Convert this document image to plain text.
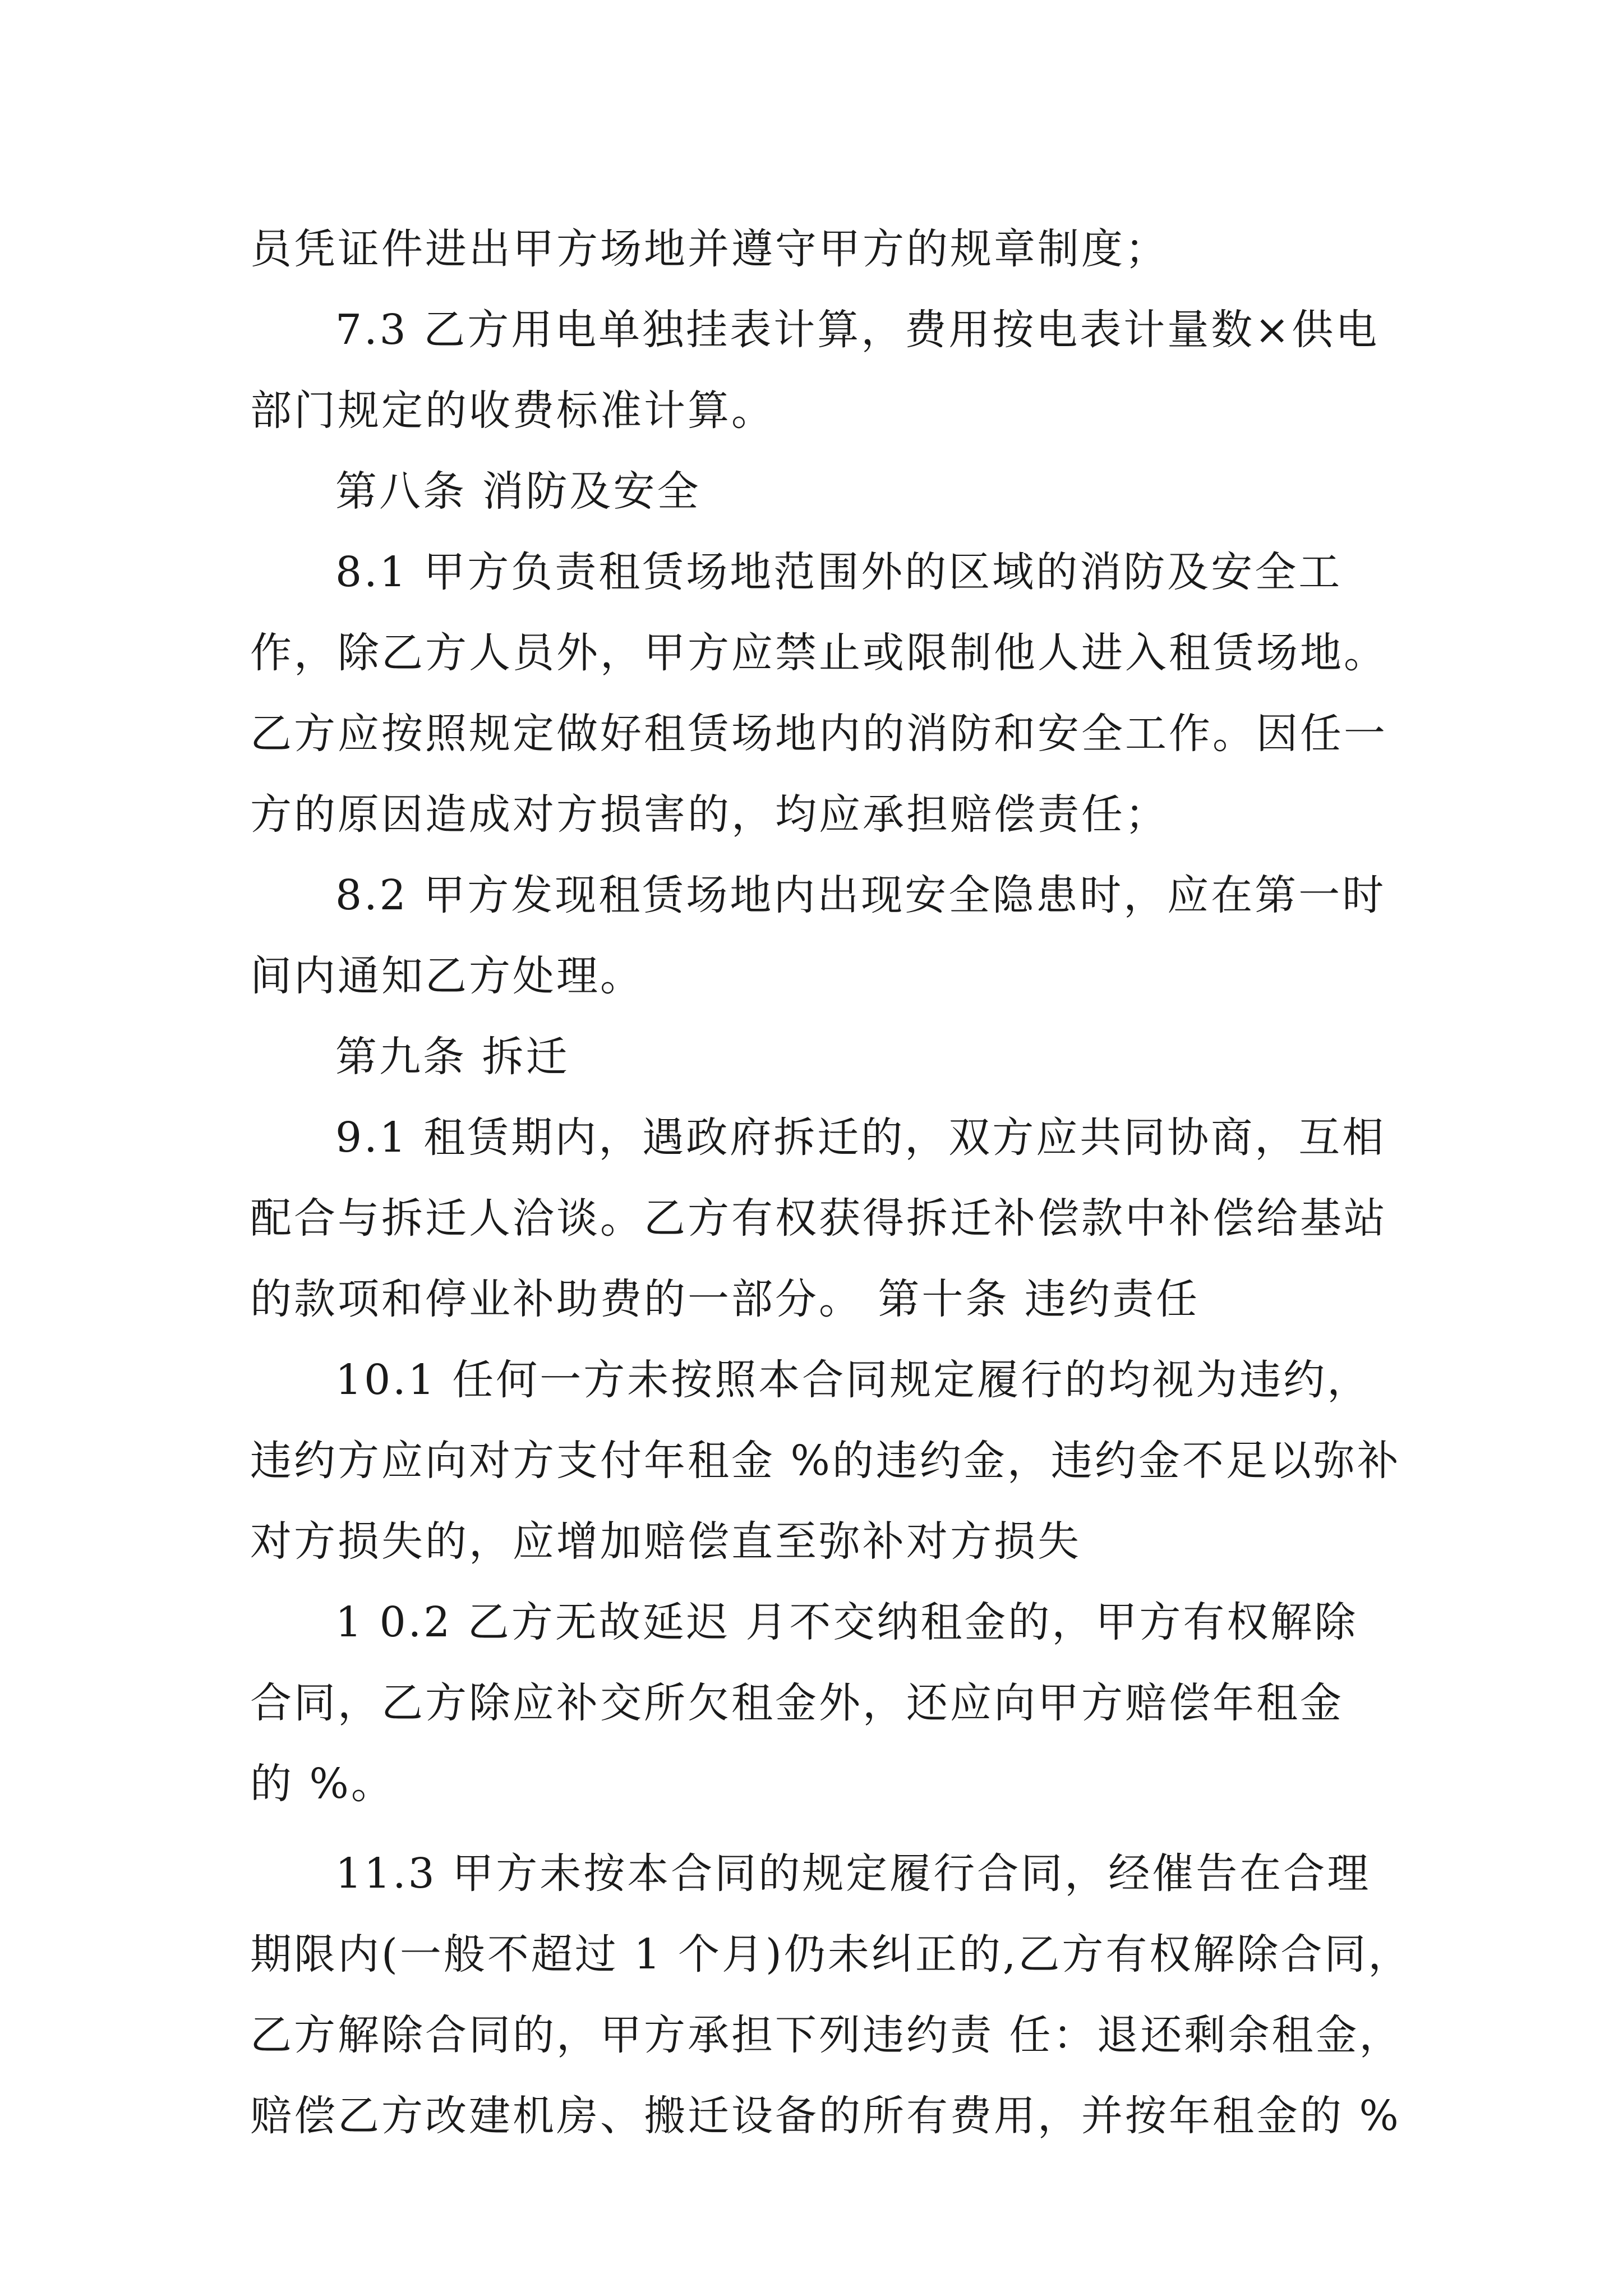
员凭证件进出甲方场地并遵守甲方的规章制度；
7.3 乙方用电单独挂表计算，费用按电表计量数×供电
部门规定的收费标准计算。
第八条 消防及安全
8.1 甲方负责租赁场地范围外的区域的消防及安全工
作，除乙方人员外，甲方应禁止或限制他人进入租赁场地。
乙方应按照规定做好租赁场地内的消防和安全工作。因任一
方的原因造成对方损害的，均应承担赔偿责任；
8.2 甲方发现租赁场地内出现安全隐患时，应在第一时
间内通知乙方处理。
第九条 拆迁
9.1 租赁期内，遇政府拆迁的，双方应共同协商，互相
配合与拆迁人洽谈。乙方有权获得拆迁补偿款中补偿给基站
的款项和停业补助费的一部分。 第十条 违约责任
10.1 任何一方未按照本合同规定履行的均视为违约，
违约方应向对方支付年租金 %的违约金，违约金不足以弥补
对方损失的，应增加赔偿直至弥补对方损失
1 0.2 乙方无故延迟 月不交纳租金的，甲方有权解除
合同，乙方除应补交所欠租金外，还应向甲方赔偿年租金
的 %。
11.3 甲方未按本合同的规定履行合同，经催告在合理
期限内(一般不超过 1 个月)仍未纠正的,乙方有权解除合同，
乙方解除合同的，甲方承担下列违约责 任：退还剩余租金，
赔偿乙方改建机房、搬迁设备的所有费用，并按年租金的 %
